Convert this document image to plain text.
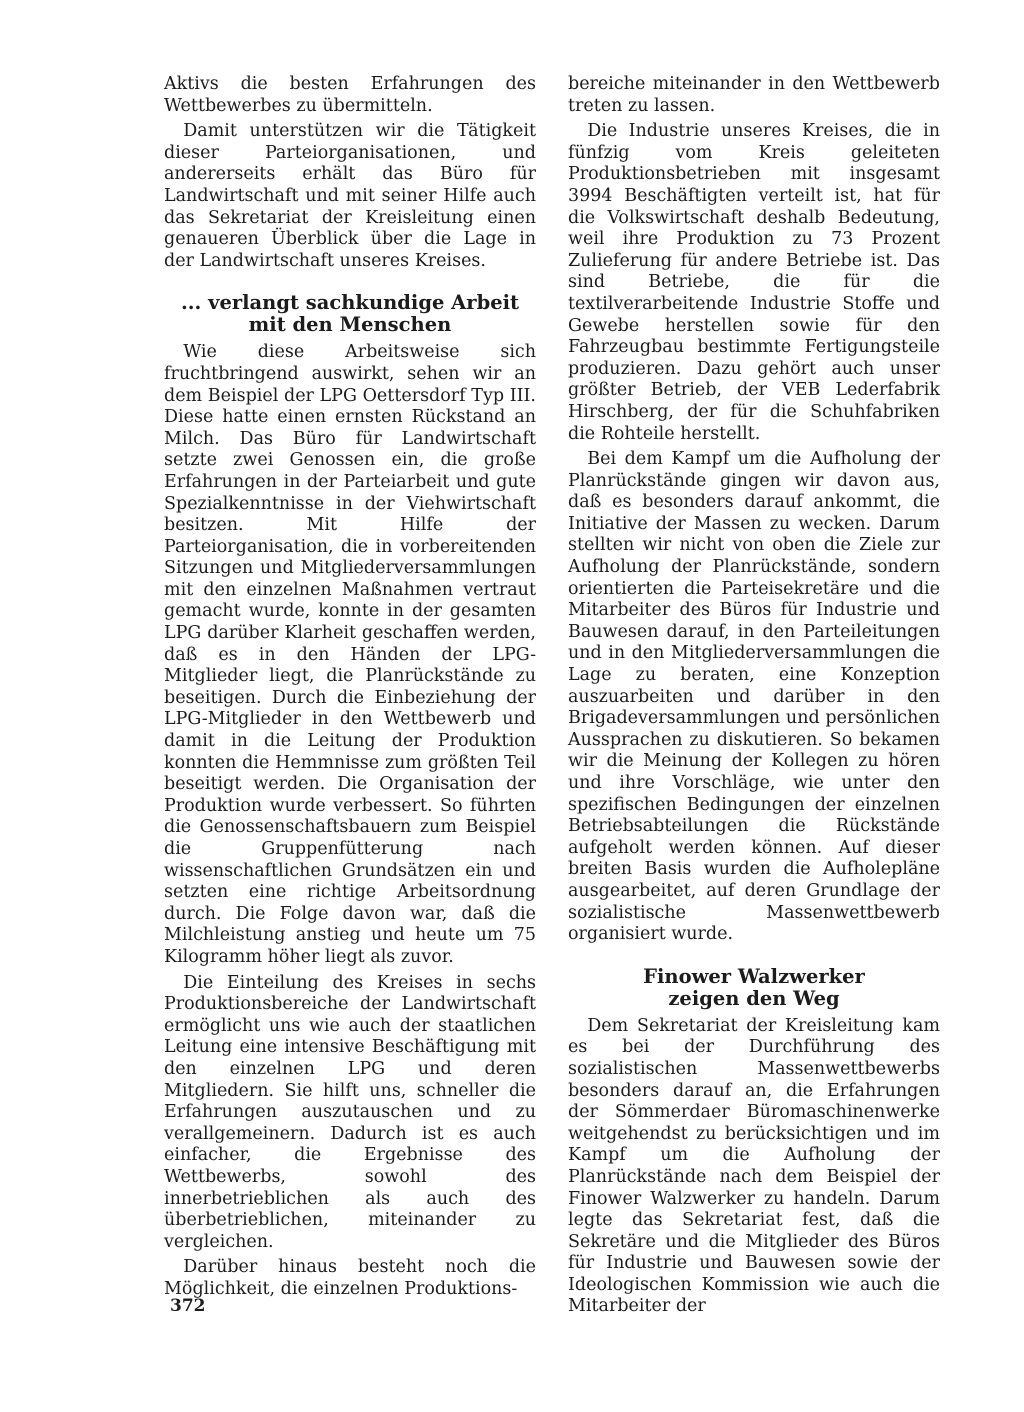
Aktivs die besten Erfahrungen des Wettbewerbes zu übermitteln.

Damit unterstützen wir die Tätigkeit dieser Parteiorganisationen, und andererseits erhält das Büro für Landwirtschaft und mit seiner Hilfe auch das Sekretariat der Kreisleitung einen genaueren Überblick über die Lage in der Landwirtschaft unseres Kreises.

... verlangt sachkundige Arbeit
mit den Menschen

Wie diese Arbeitsweise sich fruchtbringend auswirkt, sehen wir an dem Beispiel der LPG Oettersdorf Typ III. Diese hatte einen ernsten Rückstand an Milch. Das Büro für Landwirtschaft setzte zwei Genossen ein, die große Erfahrungen in der Parteiarbeit und gute Spezialkenntnisse in der Viehwirtschaft besitzen. Mit Hilfe der Parteiorganisation, die in vorbereitenden Sitzungen und Mitgliederversammlungen mit den einzelnen Maßnahmen vertraut gemacht wurde, konnte in der gesamten LPG darüber Klarheit geschaffen werden, daß es in den Händen der LPG-Mitglieder liegt, die Planrückstände zu beseitigen. Durch die Einbeziehung der LPG-Mitglieder in den Wettbewerb und damit in die Leitung der Produktion konnten die Hemmnisse zum größten Teil beseitigt werden. Die Organisation der Produktion wurde verbessert. So führten die Genossenschaftsbauern zum Beispiel die Gruppenfütterung nach wissenschaftlichen Grundsätzen ein und setzten eine richtige Arbeitsordnung durch. Die Folge davon war, daß die Milchleistung anstieg und heute um 75 Kilogramm höher liegt als zuvor.

Die Einteilung des Kreises in sechs Produktionsbereiche der Landwirtschaft ermöglicht uns wie auch der staatlichen Leitung eine intensive Beschäftigung mit den einzelnen LPG und deren Mitgliedern. Sie hilft uns, schneller die Erfahrungen auszutauschen und zu verallgemeinern. Dadurch ist es auch einfacher, die Ergebnisse des Wettbewerbs, sowohl des innerbetrieblichen als auch des überbetrieblichen, miteinander zu vergleichen.

Darüber hinaus besteht noch die Möglichkeit, die einzelnen Produktions-

bereiche miteinander in den Wettbewerb treten zu lassen.

Die Industrie unseres Kreises, die in fünfzig vom Kreis geleiteten Produktionsbetrieben mit insgesamt 3994 Beschäftigten verteilt ist, hat für die Volkswirtschaft deshalb Bedeutung, weil ihre Produktion zu 73 Prozent Zulieferung für andere Betriebe ist. Das sind Betriebe, die für die textilverarbeitende Industrie Stoffe und Gewebe herstellen sowie für den Fahrzeugbau bestimmte Fertigungsteile produzieren. Dazu gehört auch unser größter Betrieb, der VEB Lederfabrik Hirschberg, der für die Schuhfabriken die Rohteile herstellt.

Bei dem Kampf um die Aufholung der Planrückstände gingen wir davon aus, daß es besonders darauf ankommt, die Initiative der Massen zu wecken. Darum stellten wir nicht von oben die Ziele zur Aufholung der Planrückstände, sondern orientierten die Parteisekretäre und die Mitarbeiter des Büros für Industrie und Bauwesen darauf, in den Parteileitungen und in den Mitgliederversammlungen die Lage zu beraten, eine Konzeption auszuarbeiten und darüber in den Brigadeversammlungen und persönlichen Aussprachen zu diskutieren. So bekamen wir die Meinung der Kollegen zu hören und ihre Vorschläge, wie unter den spezifischen Bedingungen der einzelnen Betriebsabteilungen die Rückstände aufgeholt werden können. Auf dieser breiten Basis wurden die Aufholepläne ausgearbeitet, auf deren Grundlage der sozialistische Massenwettbewerb organisiert wurde.

Finower Walzwerker
zeigen den Weg

Dem Sekretariat der Kreisleitung kam es bei der Durchführung des sozialistischen Massenwettbewerbs besonders darauf an, die Erfahrungen der Sömmerdaer Büromaschinenwerke weitgehendst zu berücksichtigen und im Kampf um die Aufholung der Planrückstände nach dem Beispiel der Finower Walzwerker zu handeln. Darum legte das Sekretariat fest, daß die Sekretäre und die Mitglieder des Büros für Industrie und Bauwesen sowie der Ideologischen Kommission wie auch die Mitarbeiter der

372
